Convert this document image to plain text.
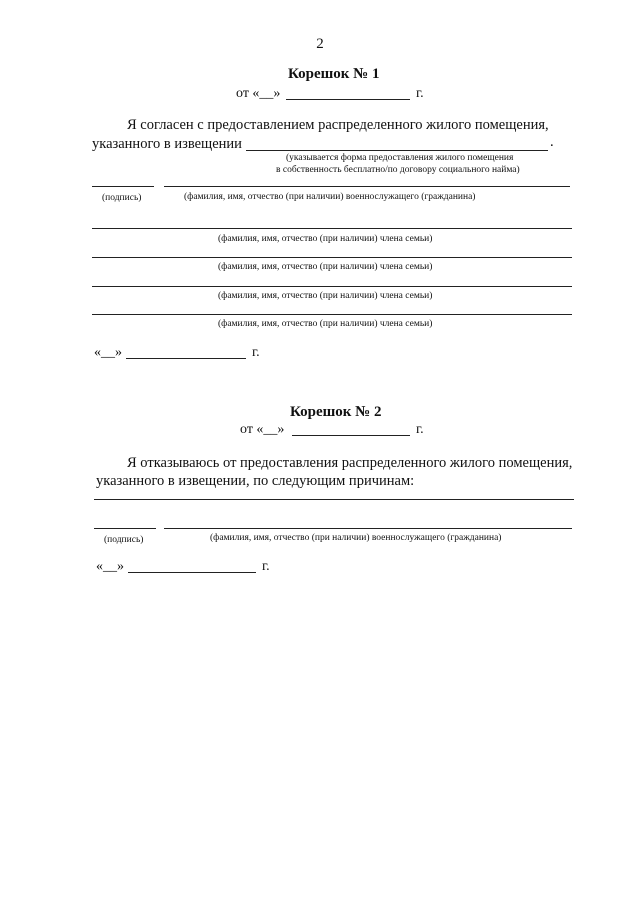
2
Корешок № 1
от «__»	г.
Я согласен с предоставлением распределенного жилого помещения,
указанного в извещении	.
(указывается форма предоставления жилого помещения
в собственность бесплатно/по договору социального найма)
(подпись)	(фамилия, имя, отчество (при наличии) военнослужащего (гражданина)
(фамилия, имя, отчество (при наличии) члена семьи)
(фамилия, имя, отчество (при наличии) члена семьи)
(фамилия, имя, отчество (при наличии) члена семьи)
(фамилия, имя, отчество (при наличии) члена семьи)
«__»	г.
Корешок № 2
от «__»	г.
Я отказываюсь от предоставления распределенного жилого помещения,
указанного в извещении, по следующим причинам:
(подпись)	(фамилия, имя, отчество (при наличии) военнослужащего (гражданина)
«__»	г.
